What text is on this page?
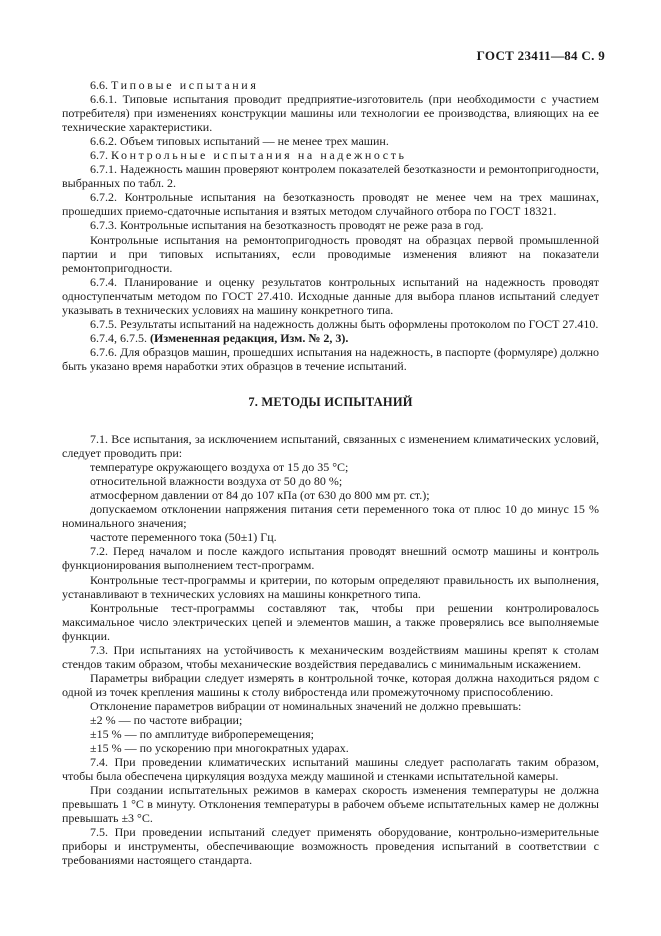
ГОСТ 23411—84 С. 9

6.6. Типовые испытания

6.6.1. Типовые испытания проводит предприятие-изготовитель (при необходимости с участием потребителя) при изменениях конструкции машины или технологии ее производства, влияющих на ее технические характеристики.

6.6.2. Объем типовых испытаний — не менее трех машин.

6.7. Контрольные испытания на надежность

6.7.1. Надежность машин проверяют контролем показателей безотказности и ремонтопригодности, выбранных по табл. 2.

6.7.2. Контрольные испытания на безотказность проводят не менее чем на трех машинах, прошедших приемо-сдаточные испытания и взятых методом случайного отбора по ГОСТ 18321.

6.7.3. Контрольные испытания на безотказность проводят не реже раза в год.

Контрольные испытания на ремонтопригодность проводят на образцах первой промышленной партии и при типовых испытаниях, если проводимые изменения влияют на показатели ремонтопригодности.

6.7.4. Планирование и оценку результатов контрольных испытаний на надежность проводят одноступенчатым методом по ГОСТ 27.410. Исходные данные для выбора планов испытаний следует указывать в технических условиях на машину конкретного типа.

6.7.5. Результаты испытаний на надежность должны быть оформлены протоколом по ГОСТ 27.410.

6.7.4, 6.7.5. (Измененная редакция, Изм. № 2, 3).

6.7.6. Для образцов машин, прошедших испытания на надежность, в паспорте (формуляре) должно быть указано время наработки этих образцов в течение испытаний.

7. МЕТОДЫ ИСПЫТАНИЙ

7.1. Все испытания, за исключением испытаний, связанных с изменением климатических условий, следует проводить при:

температуре окружающего воздуха от 15 до 35 °С;

относительной влажности воздуха от 50 до 80 %;

атмосферном давлении от 84 до 107 кПа (от 630 до 800 мм рт. ст.);

допускаемом отклонении напряжения питания сети переменного тока от плюс 10 до минус 15 % номинального значения;

частоте переменного тока (50±1) Гц.

7.2. Перед началом и после каждого испытания проводят внешний осмотр машины и контроль функционирования выполнением тест-программ.

Контрольные тест-программы и критерии, по которым определяют правильность их выполнения, устанавливают в технических условиях на машины конкретного типа.

Контрольные тест-программы составляют так, чтобы при решении контролировалось максимальное число электрических цепей и элементов машин, а также проверялись все выполняемые функции.

7.3. При испытаниях на устойчивость к механическим воздействиям машины крепят к столам стендов таким образом, чтобы механические воздействия передавались с минимальным искажением.

Параметры вибрации следует измерять в контрольной точке, которая должна находиться рядом с одной из точек крепления машины к столу вибростенда или промежуточному приспособлению.

Отклонение параметров вибрации от номинальных значений не должно превышать:

±2 % — по частоте вибрации;

±15 % — по амплитуде виброперемещения;

±15 % — по ускорению при многократных ударах.

7.4. При проведении климатических испытаний машины следует располагать таким образом, чтобы была обеспечена циркуляция воздуха между машиной и стенками испытательной камеры.

При создании испытательных режимов в камерах скорость изменения температуры не должна превышать 1 °С в минуту. Отклонения температуры в рабочем объеме испытательных камер не должны превышать ±3 °С.

7.5. При проведении испытаний следует применять оборудование, контрольно-измерительные приборы и инструменты, обеспечивающие возможность проведения испытаний в соответствии с требованиями настоящего стандарта.
